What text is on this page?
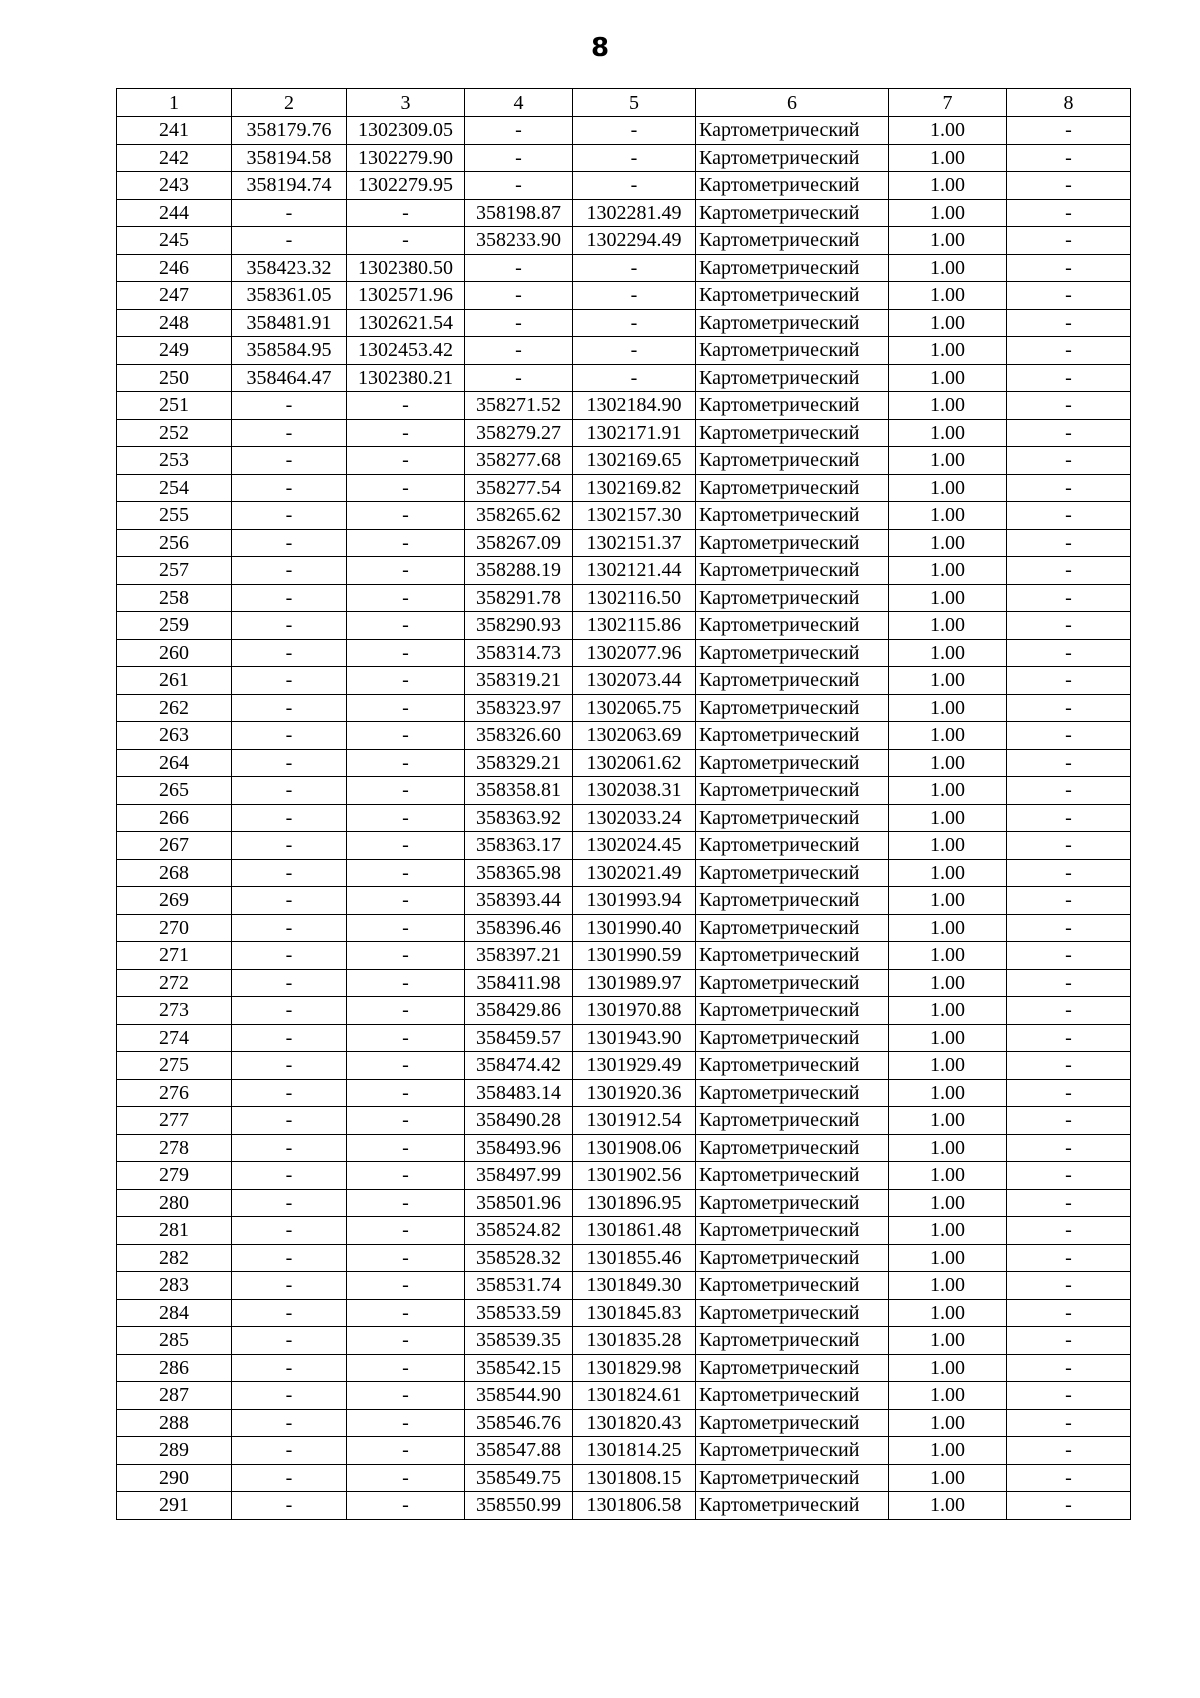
8
1	2	3	4	5	6	7	8
241	358179.76	1302309.05	-	-	Картометрический	1.00	-
242	358194.58	1302279.90	-	-	Картометрический	1.00	-
243	358194.74	1302279.95	-	-	Картометрический	1.00	-
244	-	-	358198.87	1302281.49	Картометрический	1.00	-
245	-	-	358233.90	1302294.49	Картометрический	1.00	-
246	358423.32	1302380.50	-	-	Картометрический	1.00	-
247	358361.05	1302571.96	-	-	Картометрический	1.00	-
248	358481.91	1302621.54	-	-	Картометрический	1.00	-
249	358584.95	1302453.42	-	-	Картометрический	1.00	-
250	358464.47	1302380.21	-	-	Картометрический	1.00	-
251	-	-	358271.52	1302184.90	Картометрический	1.00	-
252	-	-	358279.27	1302171.91	Картометрический	1.00	-
253	-	-	358277.68	1302169.65	Картометрический	1.00	-
254	-	-	358277.54	1302169.82	Картометрический	1.00	-
255	-	-	358265.62	1302157.30	Картометрический	1.00	-
256	-	-	358267.09	1302151.37	Картометрический	1.00	-
257	-	-	358288.19	1302121.44	Картометрический	1.00	-
258	-	-	358291.78	1302116.50	Картометрический	1.00	-
259	-	-	358290.93	1302115.86	Картометрический	1.00	-
260	-	-	358314.73	1302077.96	Картометрический	1.00	-
261	-	-	358319.21	1302073.44	Картометрический	1.00	-
262	-	-	358323.97	1302065.75	Картометрический	1.00	-
263	-	-	358326.60	1302063.69	Картометрический	1.00	-
264	-	-	358329.21	1302061.62	Картометрический	1.00	-
265	-	-	358358.81	1302038.31	Картометрический	1.00	-
266	-	-	358363.92	1302033.24	Картометрический	1.00	-
267	-	-	358363.17	1302024.45	Картометрический	1.00	-
268	-	-	358365.98	1302021.49	Картометрический	1.00	-
269	-	-	358393.44	1301993.94	Картометрический	1.00	-
270	-	-	358396.46	1301990.40	Картометрический	1.00	-
271	-	-	358397.21	1301990.59	Картометрический	1.00	-
272	-	-	358411.98	1301989.97	Картометрический	1.00	-
273	-	-	358429.86	1301970.88	Картометрический	1.00	-
274	-	-	358459.57	1301943.90	Картометрический	1.00	-
275	-	-	358474.42	1301929.49	Картометрический	1.00	-
276	-	-	358483.14	1301920.36	Картометрический	1.00	-
277	-	-	358490.28	1301912.54	Картометрический	1.00	-
278	-	-	358493.96	1301908.06	Картометрический	1.00	-
279	-	-	358497.99	1301902.56	Картометрический	1.00	-
280	-	-	358501.96	1301896.95	Картометрический	1.00	-
281	-	-	358524.82	1301861.48	Картометрический	1.00	-
282	-	-	358528.32	1301855.46	Картометрический	1.00	-
283	-	-	358531.74	1301849.30	Картометрический	1.00	-
284	-	-	358533.59	1301845.83	Картометрический	1.00	-
285	-	-	358539.35	1301835.28	Картометрический	1.00	-
286	-	-	358542.15	1301829.98	Картометрический	1.00	-
287	-	-	358544.90	1301824.61	Картометрический	1.00	-
288	-	-	358546.76	1301820.43	Картометрический	1.00	-
289	-	-	358547.88	1301814.25	Картометрический	1.00	-
290	-	-	358549.75	1301808.15	Картометрический	1.00	-
291	-	-	358550.99	1301806.58	Картометрический	1.00	-
